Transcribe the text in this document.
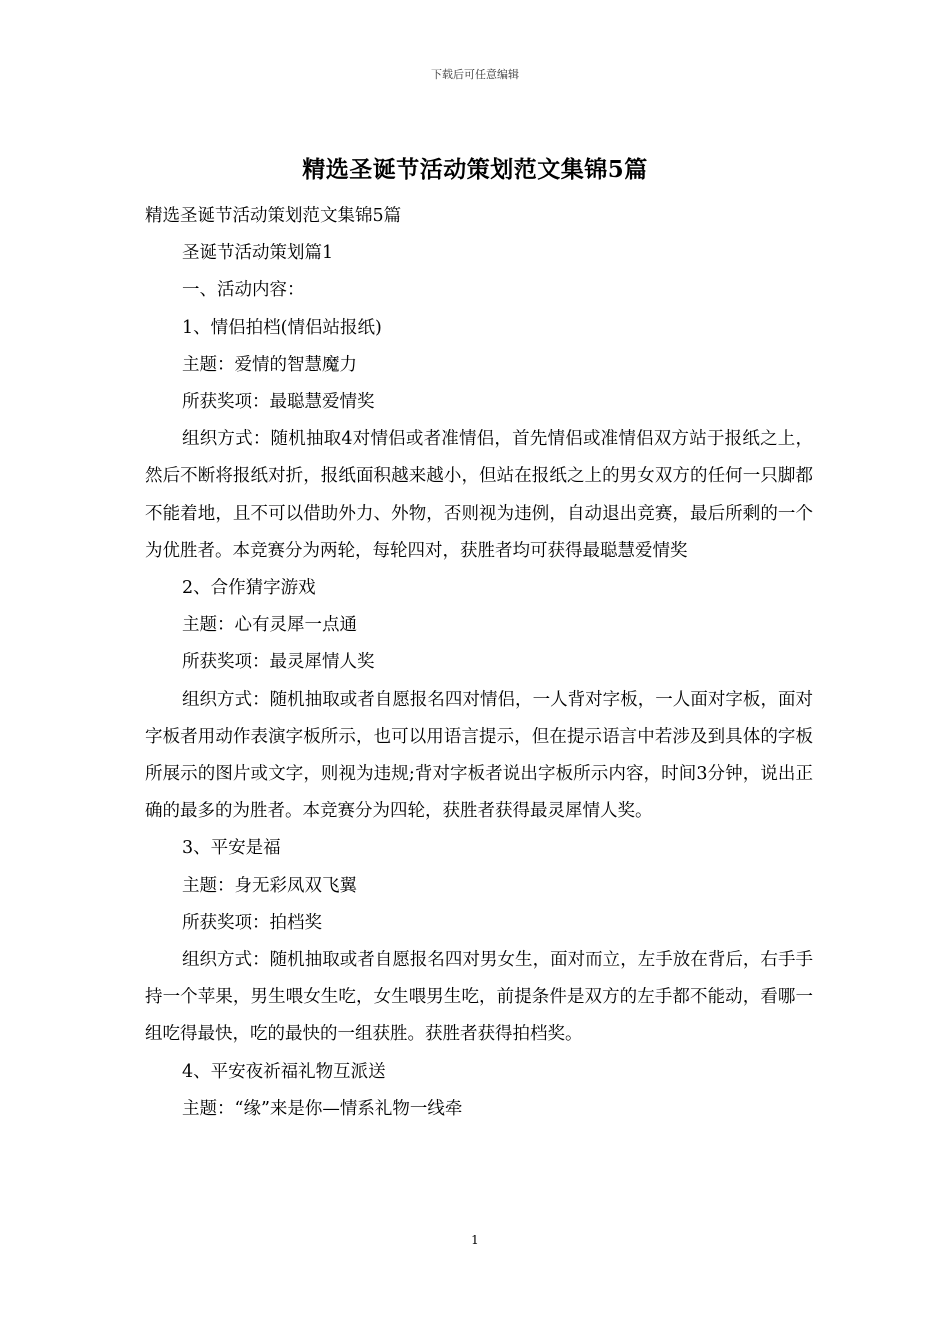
下载后可任意编辑
精选圣诞节活动策划范文集锦5篇

精选圣诞节活动策划范文集锦5篇

圣诞节活动策划篇1

一、活动内容：

1、情侣拍档(情侣站报纸)

主题：爱情的智慧魔力

所获奖项：最聪慧爱情奖

组织方式：随机抽取4对情侣或者准情侣，首先情侣或准情侣双方站于报纸之上，然后不断将报纸对折，报纸面积越来越小，但站在报纸之上的男女双方的任何一只脚都不能着地，且不可以借助外力、外物，否则视为违例，自动退出竞赛，最后所剩的一个为优胜者。本竞赛分为两轮，每轮四对，获胜者均可获得最聪慧爱情奖

2、合作猜字游戏

主题：心有灵犀一点通

所获奖项：最灵犀情人奖

组织方式：随机抽取或者自愿报名四对情侣，一人背对字板，一人面对字板，面对字板者用动作表演字板所示，也可以用语言提示，但在提示语言中若涉及到具体的字板所展示的图片或文字，则视为违规;背对字板者说出字板所示内容，时间3分钟，说出正确的最多的为胜者。本竞赛分为四轮，获胜者获得最灵犀情人奖。

3、平安是福

主题：身无彩凤双飞翼

所获奖项：拍档奖

组织方式：随机抽取或者自愿报名四对男女生，面对而立，左手放在背后，右手手持一个苹果，男生喂女生吃，女生喂男生吃，前提条件是双方的左手都不能动，看哪一组吃得最快，吃的最快的一组获胜。获胜者获得拍档奖。

4、平安夜祈福礼物互派送

主题：“缘”来是你—情系礼物一线牵

1
